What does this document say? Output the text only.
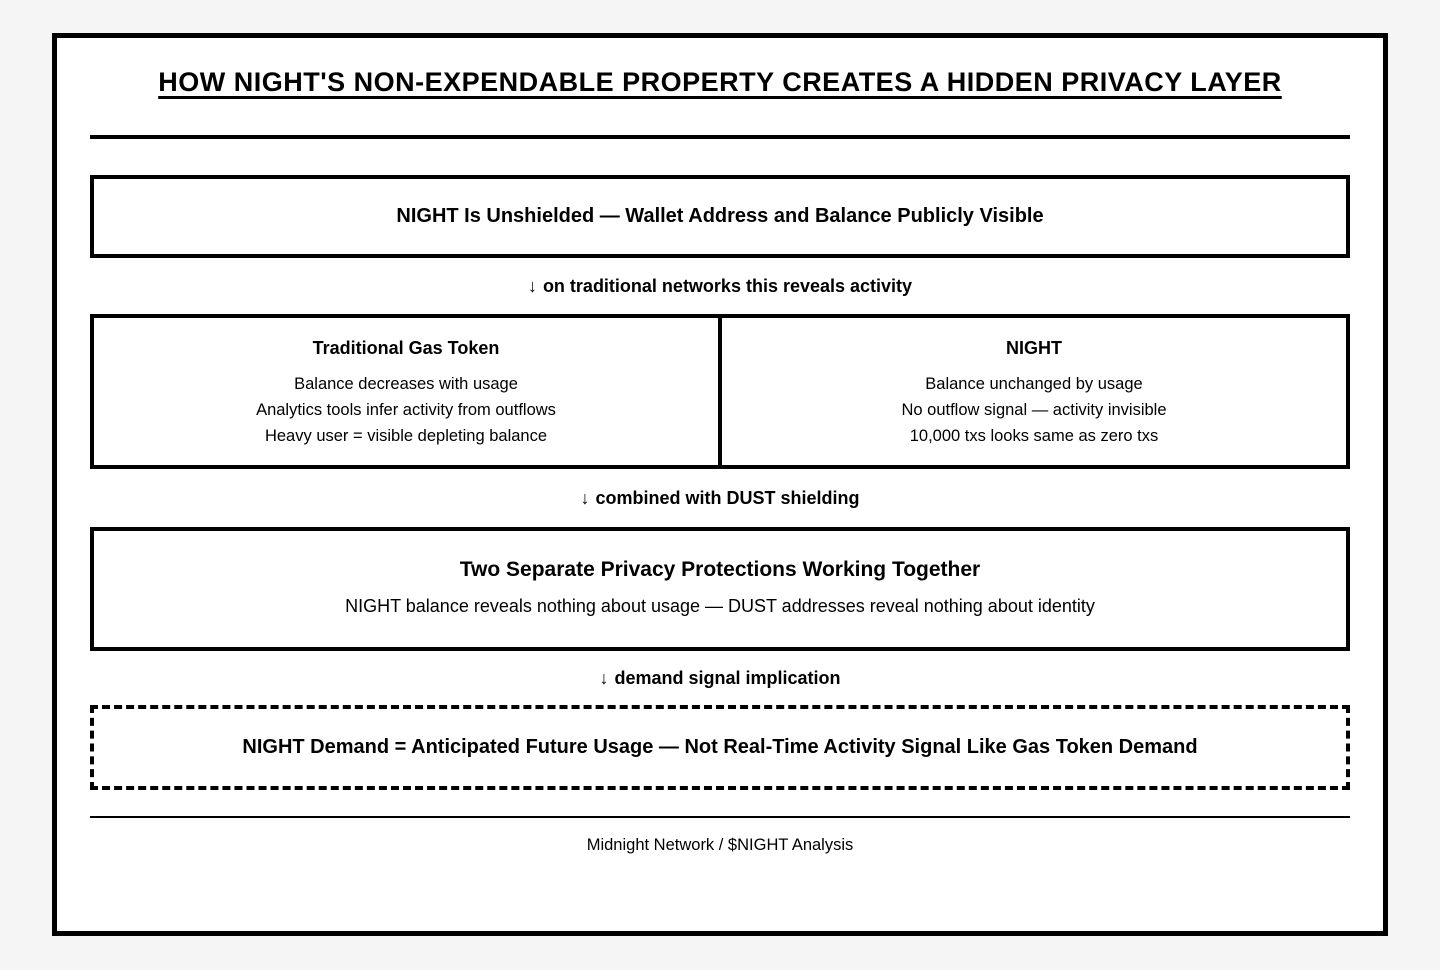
HOW NIGHT'S NON-EXPENDABLE PROPERTY CREATES A HIDDEN PRIVACY LAYER
NIGHT Is Unshielded — Wallet Address and Balance Publicly Visible
↓ on traditional networks this reveals activity
Traditional Gas Token
Balance decreases with usage
Analytics tools infer activity from outflows
Heavy user = visible depleting balance
NIGHT
Balance unchanged by usage
No outflow signal — activity invisible
10,000 txs looks same as zero txs
↓ combined with DUST shielding
Two Separate Privacy Protections Working Together
NIGHT balance reveals nothing about usage — DUST addresses reveal nothing about identity
↓ demand signal implication
NIGHT Demand = Anticipated Future Usage — Not Real-Time Activity Signal Like Gas Token Demand
Midnight Network / $NIGHT Analysis
